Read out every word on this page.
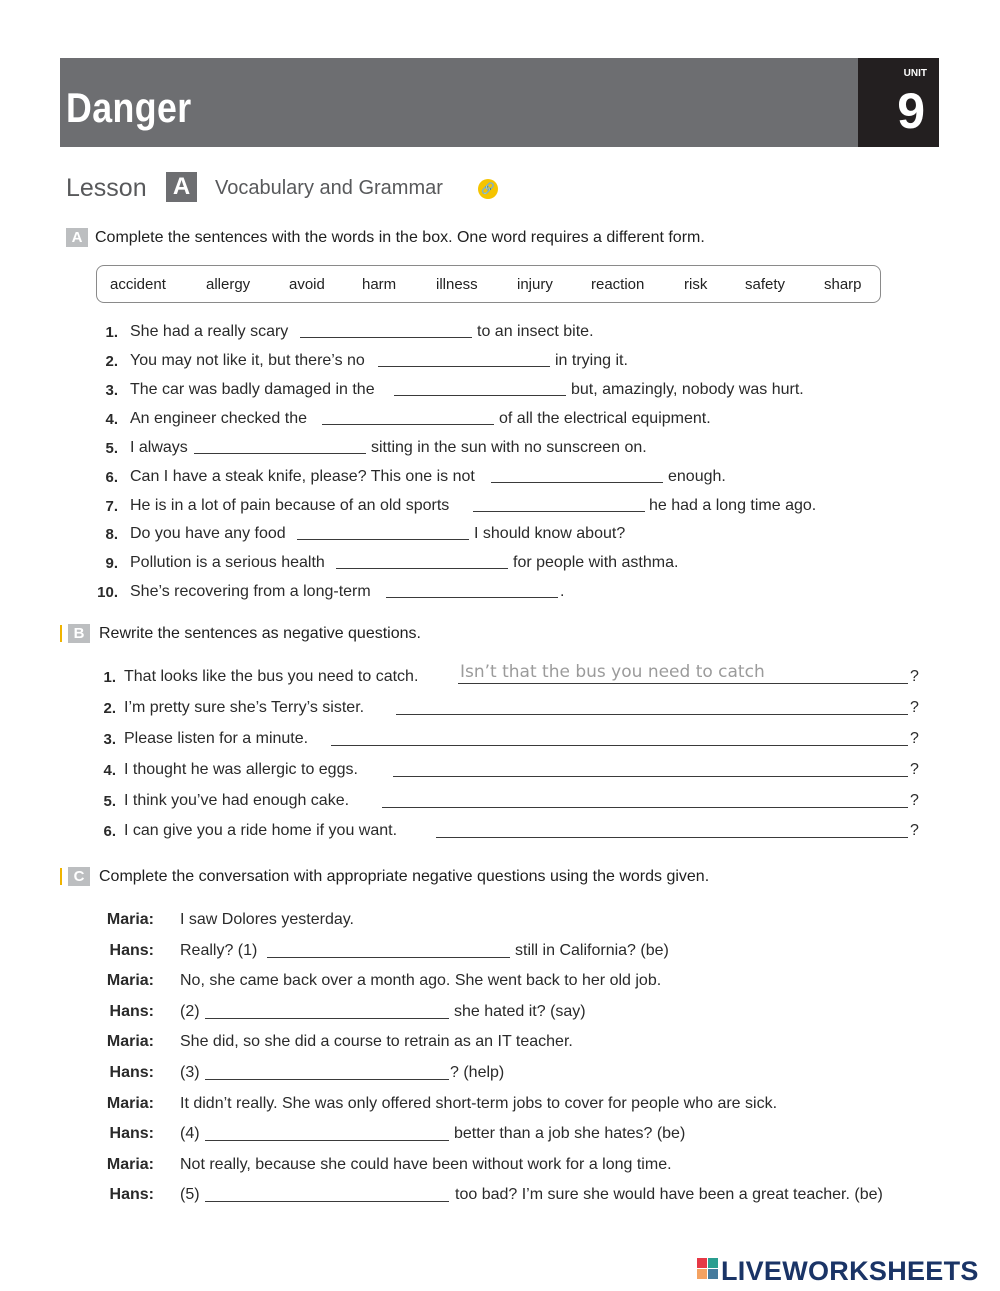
Danger
UNIT
9
Lesson A	Vocabulary and Grammar	🔗
A Complete the sentences with the words in the box. One word requires a different form.
accident	allergy	avoid harm	illness	injury	reaction	risk	safety	sharp
1. She had a really scary	to an insect bite.
2. You may not like it, but there’s no	in trying it.
3. The car was badly damaged in the	but, amazingly, nobody was hurt.
4. An engineer checked the	of all the electrical equipment.
5. I always	sitting in the sun with no sunscreen on.
6. Can I have a steak knife, please? This one is not	enough.
7. He is in a lot of pain because of an old sports	he had a long time ago.
8. Do you have any food	I should know about?
9. Pollution is a serious health	for people with asthma.
10. She’s recovering from a long-term	.
B Rewrite the sentences as negative questions.
1. That looks like the bus you need to catch. Isn’t that the bus you need to catch	?
2. I’m pretty sure she’s Terry’s sister.	?
3. Please listen for a minute.	?
4. I thought he was allergic to eggs.	?
5. I think you’ve had enough cake.	?
6. I can give you a ride home if you want.	?
C Complete the conversation with appropriate negative questions using the words given.
Maria: I saw Dolores yesterday.
Hans: Really? (1)	still in California? (be)
Maria: No, she came back over a month ago. She went back to her old job.
Hans: (2)	she hated it? (say)
Maria: She did, so she did a course to retrain as an IT teacher.
Hans: (3)	? (help)
Maria: It didn’t really. She was only offered short-term jobs to cover for people who are sick.
Hans: (4)	better than a job she hates? (be)
Maria: Not really, because she could have been without work for a long time.
Hans: (5)	too bad? I’m sure she would have been a great teacher. (be)
LIVEWORKSHEETS
